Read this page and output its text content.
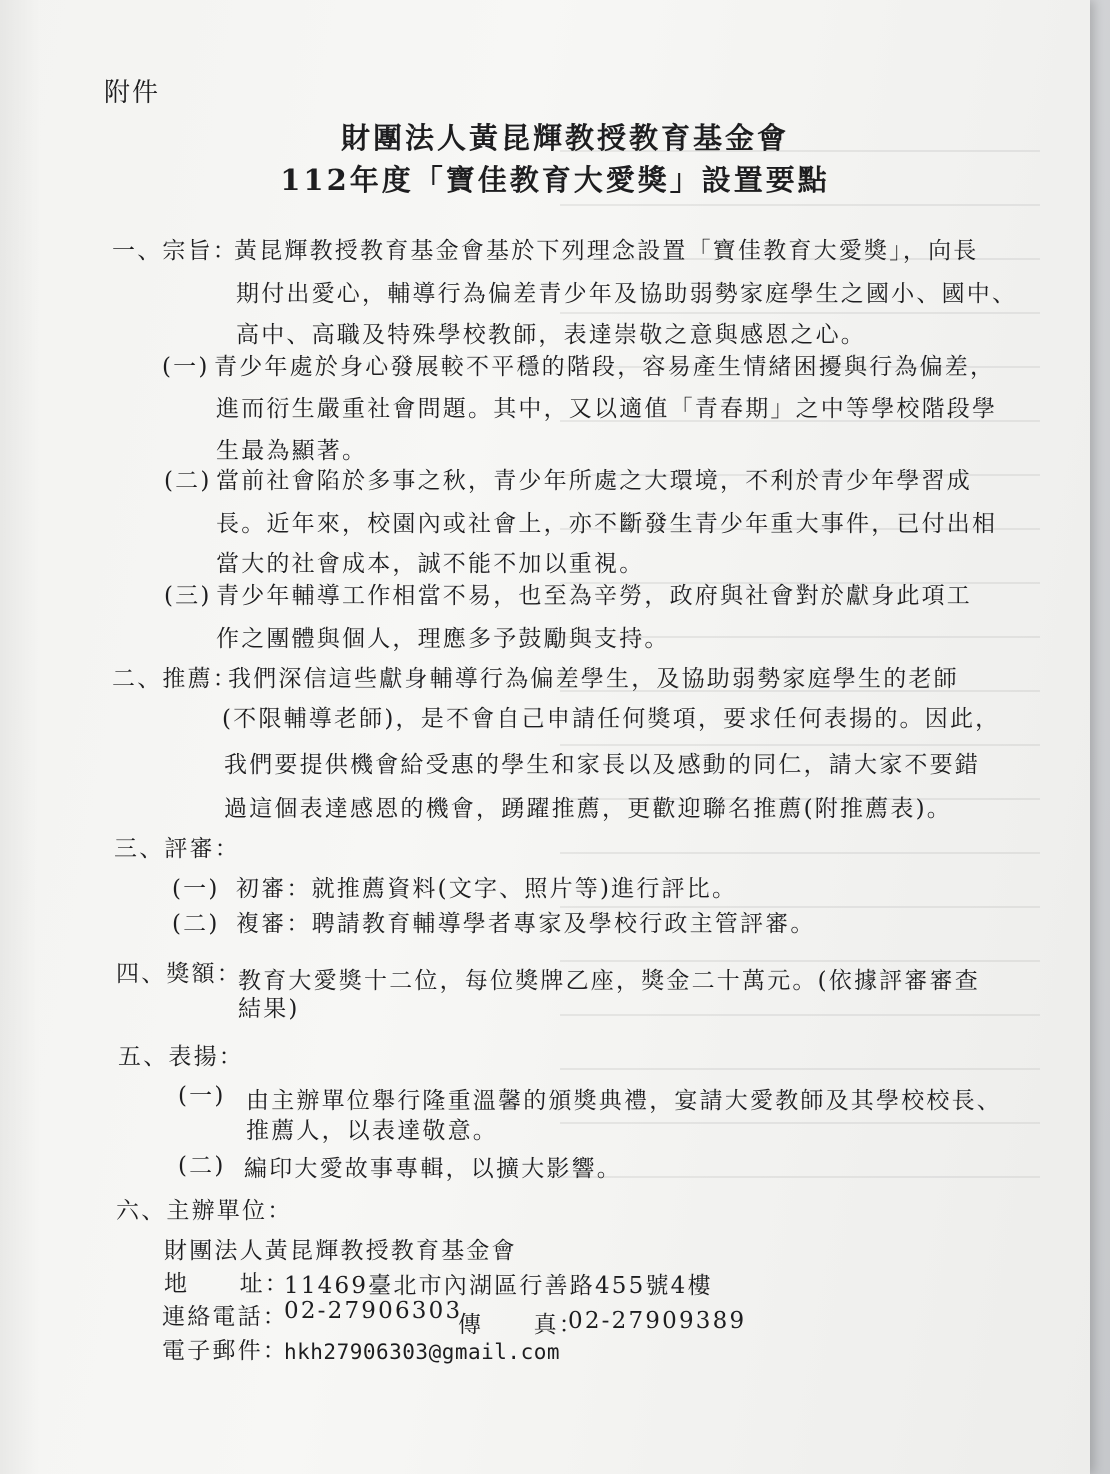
附件
財團法人黃昆輝教授教育基金會
112年度「寶佳教育大愛獎」設置要點
一、宗旨：
黃昆輝教授教育基金會基於下列理念設置「寶佳教育大愛獎」，向長
期付出愛心，輔導行為偏差青少年及協助弱勢家庭學生之國小、國中、
高中、高職及特殊學校教師，表達崇敬之意與感恩之心。
(一) 青少年處於身心發展較不平穩的階段，容易產生情緒困擾與行為偏差，
進而衍生嚴重社會問題。其中，又以適值「青春期」之中等學校階段學
生最為顯著。
(二) 當前社會陷於多事之秋，青少年所處之大環境，不利於青少年學習成
長。近年來，校園內或社會上，亦不斷發生青少年重大事件，已付出相
當大的社會成本，誠不能不加以重視。
(三) 青少年輔導工作相當不易，也至為辛勞，政府與社會對於獻身此項工
作之團體與個人，理應多予鼓勵與支持。
二、推薦：
我們深信這些獻身輔導行為偏差學生，及協助弱勢家庭學生的老師
(不限輔導老師)，是不會自己申請任何獎項，要求任何表揚的。因此，
我們要提供機會給受惠的學生和家長以及感動的同仁，請大家不要錯
過這個表達感恩的機會，踴躍推薦，更歡迎聯名推薦(附推薦表)。
三、評審：
(一) 初審：就推薦資料(文字、照片等)進行評比。
(二) 複審：聘請教育輔導學者專家及學校行政主管評審。
四、獎額：
教育大愛獎十二位，每位獎牌乙座，獎金二十萬元。(依據評審審查
結果)
五、表揚：
(一) 由主辦單位舉行隆重溫馨的頒獎典禮，宴請大愛教師及其學校校長、
推薦人，以表達敬意。
(二) 編印大愛故事專輯，以擴大影響。
六、主辦單位：
財團法人黃昆輝教授教育基金會
地　　址：
11469臺北市內湖區行善路455號4樓
連絡電話：
02-27906303
傳　　真：
02-27909389
電子郵件：
hkh27906303@gmail.com
